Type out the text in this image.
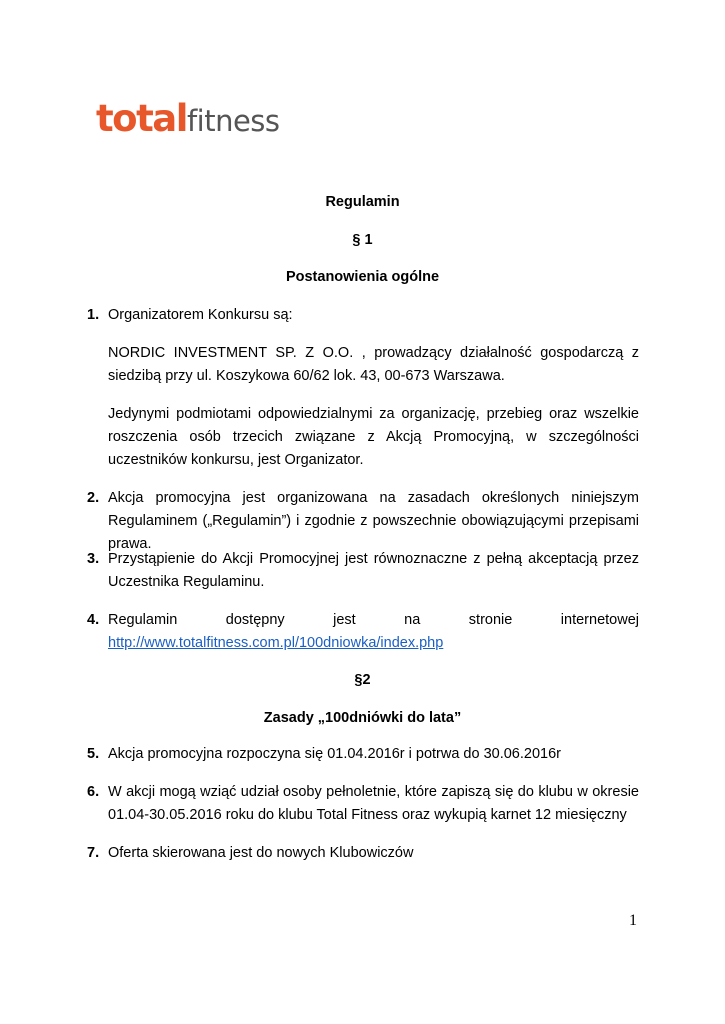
totalfitness

Regulamin

§ 1

Postanowienia ogólne

1. Organizatorem Konkursu są:
NORDIC INVESTMENT SP. Z O.O. , prowadzący działalność gospodarczą z siedzibą przy ul. Koszykowa 60/62 lok. 43, 00-673 Warszawa.
Jedynymi podmiotami odpowiedzialnymi za organizację, przebieg oraz wszelkie roszczenia osób trzecich związane z Akcją Promocyjną, w szczególności uczestników konkursu, jest Organizator.
2. Akcja promocyjna jest organizowana na zasadach określonych niniejszym Regulaminem („Regulamin”) i zgodnie z powszechnie obowiązującymi przepisami prawa.
3. Przystąpienie do Akcji Promocyjnej jest równoznaczne z pełną akceptacją przez Uczestnika Regulaminu.
4. Regulamin dostępny jest na stronie internetowej
http://www.totalfitness.com.pl/100dniowka/index.php

§2

Zasady „100dniówki do lata”

5. Akcja promocyjna rozpoczyna się 01.04.2016r i potrwa do 30.06.2016r
6. W akcji mogą wziąć udział osoby pełnoletnie, które zapiszą się do klubu w okresie 01.04-30.05.2016 roku do klubu Total Fitness oraz wykupią karnet 12 miesięczny
7. Oferta skierowana jest do nowych Klubowiczów
1
